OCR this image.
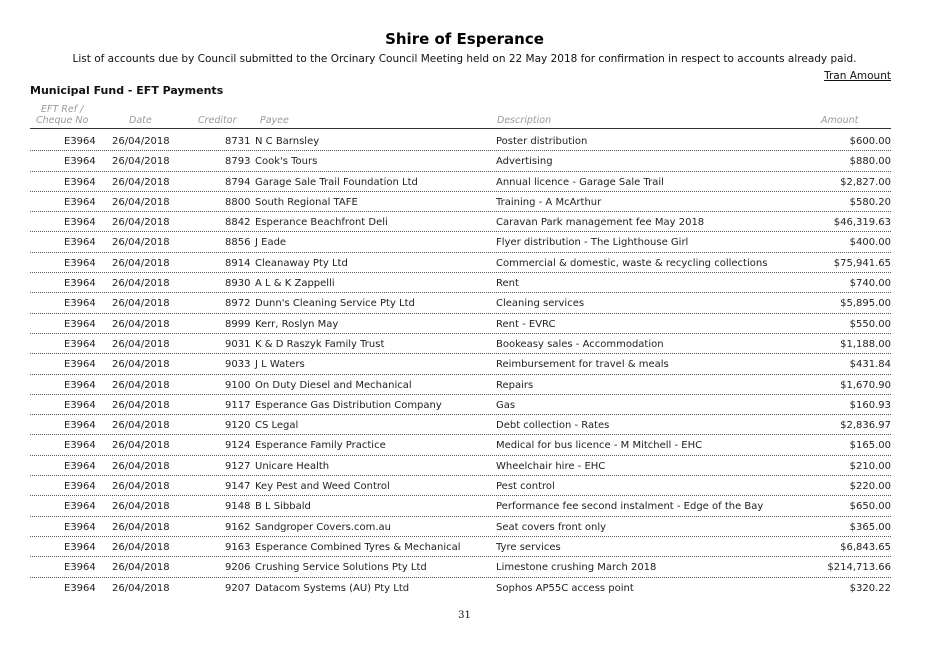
Shire of Esperance
List of accounts due by Council submitted to the Orcinary Council Meeting held on 22 May 2018 for confirmation in respect to accounts already paid.
Tran Amount
Municipal Fund - EFT Payments
EFT Ref /
Cheque No	Date	Creditor Payee	Description	Amount
E3964 26/04/2018	8731 N C Barnsley	Poster distribution	$600.00
E3964 26/04/2018	8793 Cook's Tours	Advertising	$880.00
E3964 26/04/2018	8794 Garage Sale Trail Foundation Ltd	Annual licence - Garage Sale Trail	$2,827.00
E3964 26/04/2018	8800 South Regional TAFE	Training - A McArthur	$580.20
E3964 26/04/2018	8842 Esperance Beachfront Deli	Caravan Park management fee May 2018	$46,319.63
E3964 26/04/2018	8856 J Eade	Flyer distribution - The Lighthouse Girl	$400.00
E3964 26/04/2018	8914 Cleanaway Pty Ltd	Commercial & domestic, waste & recycling collections	$75,941.65
E3964 26/04/2018	8930 A L & K Zappelli	Rent	$740.00
E3964 26/04/2018	8972 Dunn's Cleaning Service Pty Ltd	Cleaning services	$5,895.00
E3964 26/04/2018	8999 Kerr, Roslyn May	Rent - EVRC	$550.00
E3964 26/04/2018	9031 K & D Raszyk Family Trust	Bookeasy sales - Accommodation	$1,188.00
E3964 26/04/2018	9033 J L Waters	Reimbursement for travel & meals	$431.84
E3964 26/04/2018	9100 On Duty Diesel and Mechanical	Repairs	$1,670.90
E3964 26/04/2018	9117 Esperance Gas Distribution Company	Gas	$160.93
E3964 26/04/2018	9120 CS Legal	Debt collection - Rates	$2,836.97
E3964 26/04/2018	9124 Esperance Family Practice	Medical for bus licence - M Mitchell - EHC	$165.00
E3964 26/04/2018	9127 Unicare Health	Wheelchair hire - EHC	$210.00
E3964 26/04/2018	9147 Key Pest and Weed Control	Pest control	$220.00
E3964 26/04/2018	9148 B L Sibbald	Performance fee second instalment - Edge of the Bay	$650.00
E3964 26/04/2018	9162 Sandgroper Covers.com.au	Seat covers front only	$365.00
E3964 26/04/2018	9163 Esperance Combined Tyres & Mechanical	Tyre services	$6,843.65
E3964 26/04/2018	9206 Crushing Service Solutions Pty Ltd	Limestone crushing March 2018	$214,713.66
E3964 26/04/2018	9207 Datacom Systems (AU) Pty Ltd	Sophos AP55C access point	$320.22
31
